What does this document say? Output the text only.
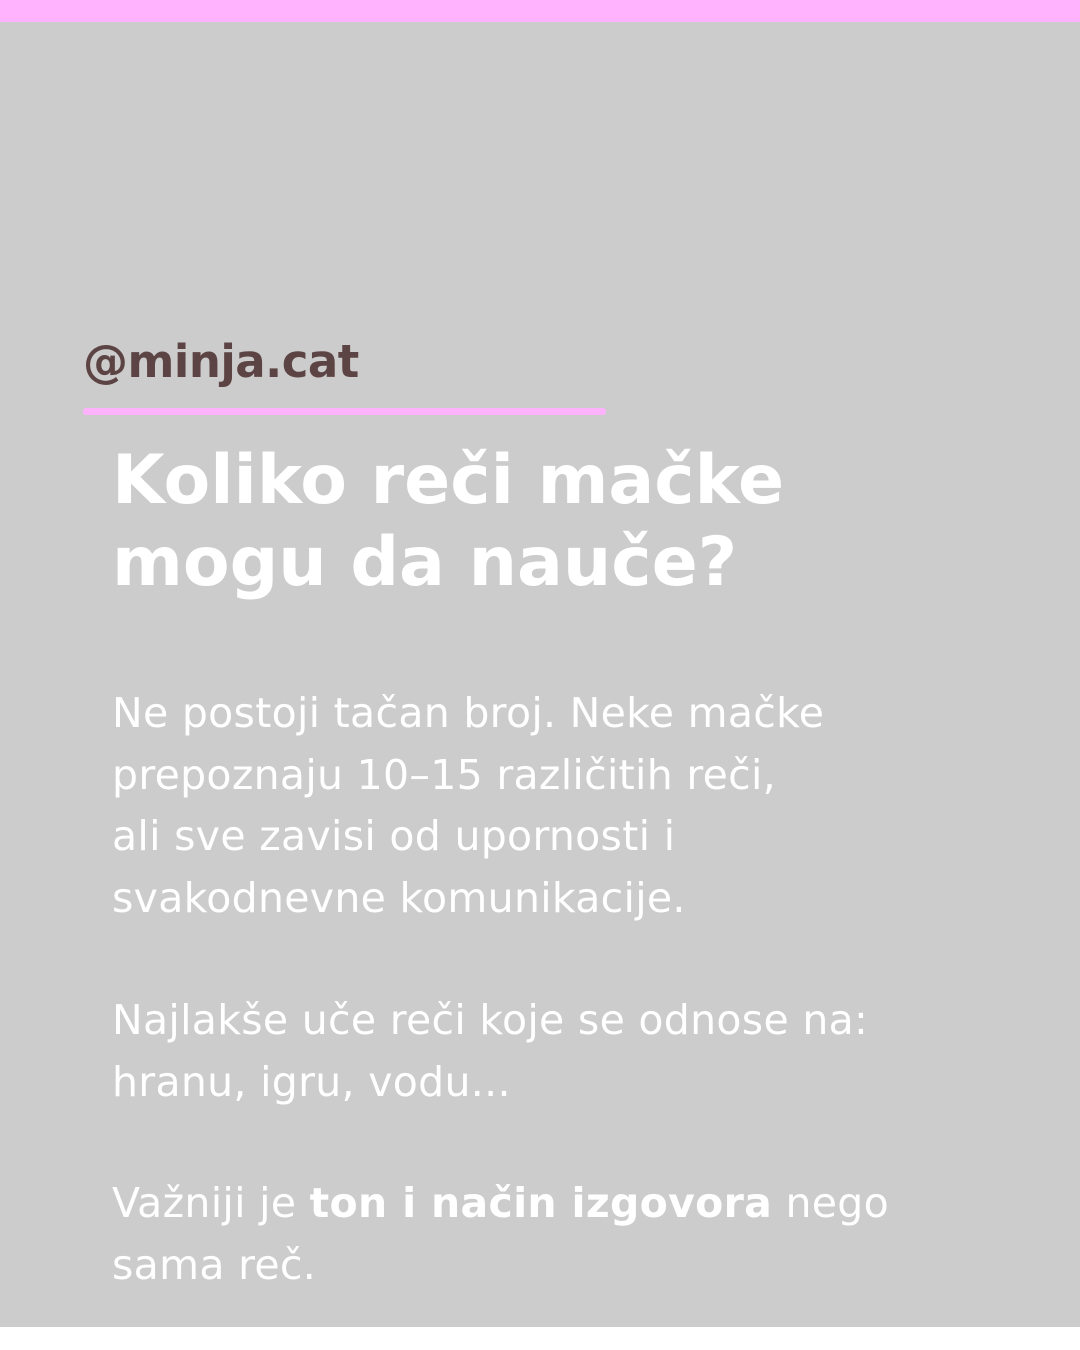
@minja.cat

Koliko reči mačke
mogu da nauče?

Ne postoji tačan broj. Neke mačke
prepoznaju 10–15 različitih reči,
ali sve zavisi od upornosti i
svakodnevne komunikacije.

Najlakše uče reči koje se odnose na:
hranu, igru, vodu...

Važniji je ton i način izgovora nego
sama reč.
